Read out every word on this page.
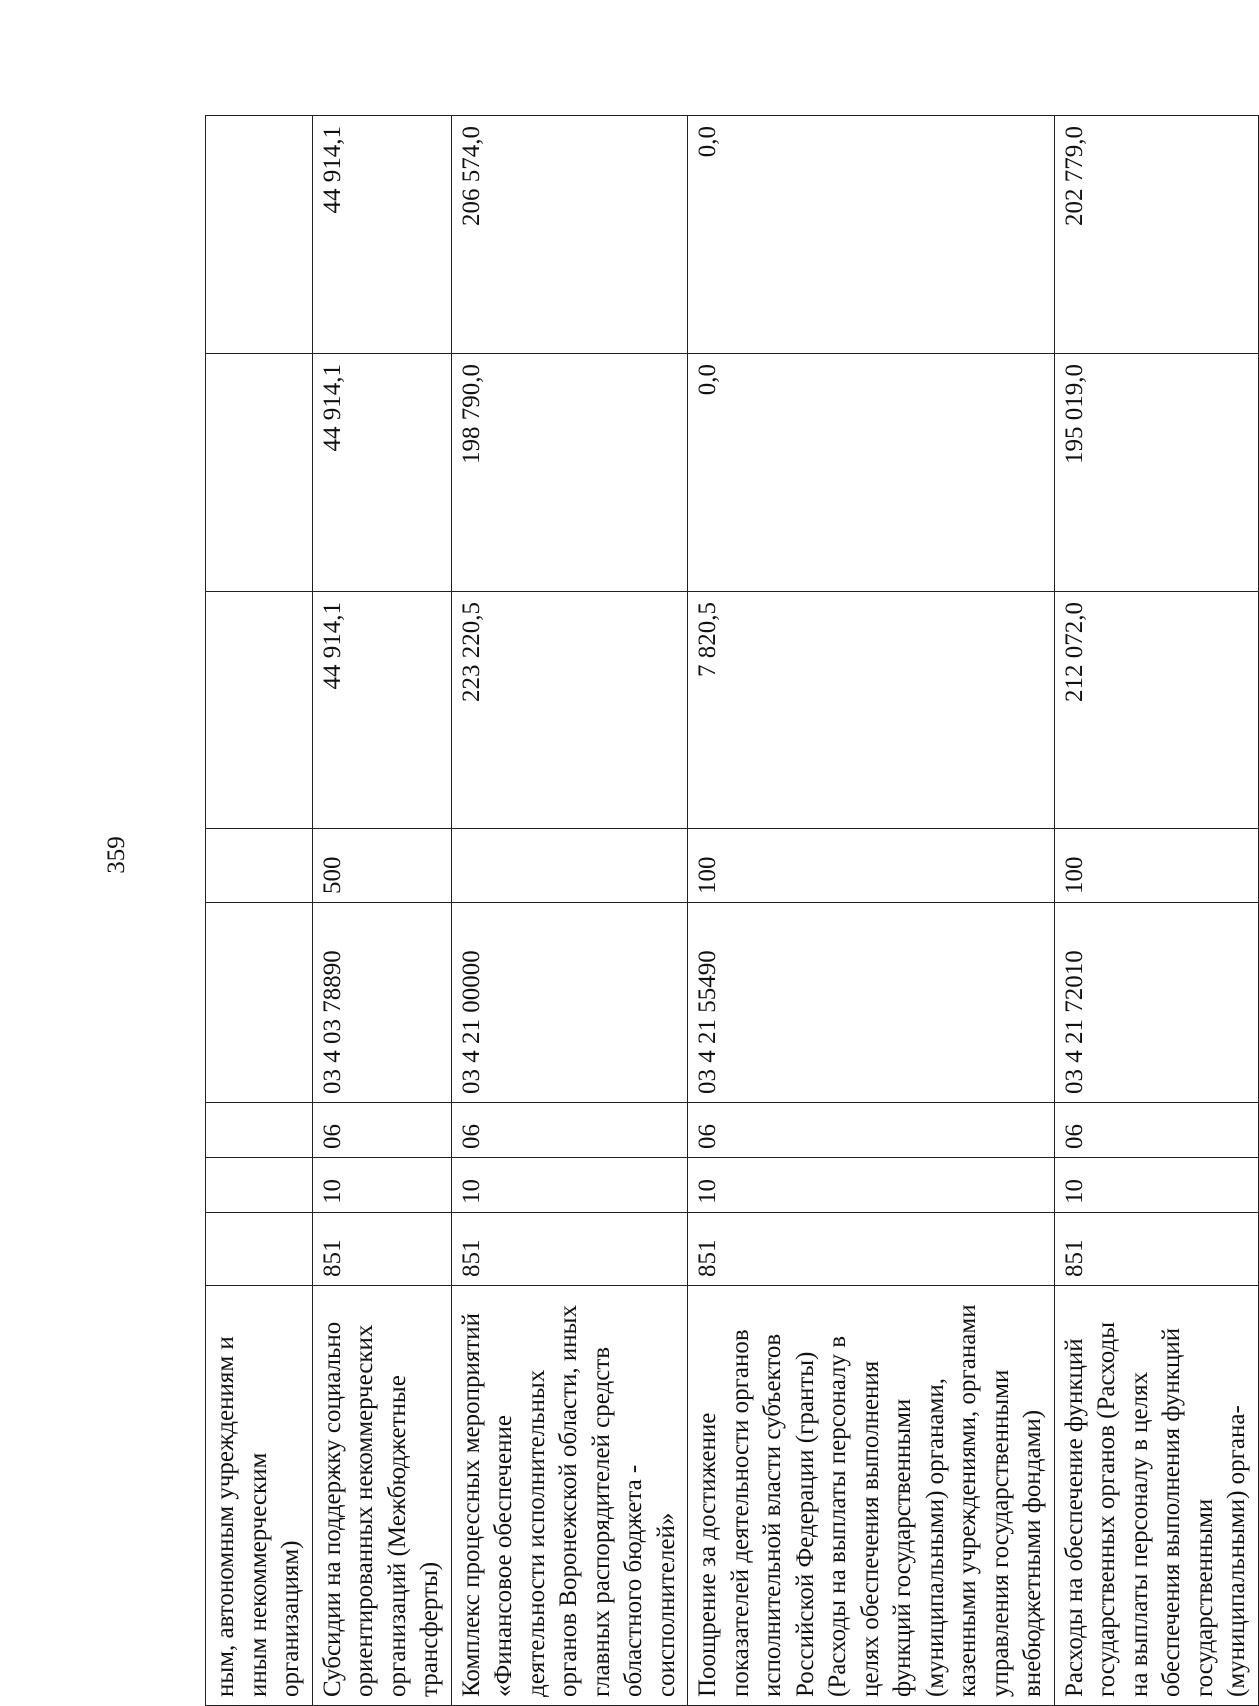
359
ным, автономным учреждениям и иным некоммерческим организациям)								
Субсидии на поддержку социально ориентированных некоммерческих организаций (Межбюджетные трансферты)	851	10	06	03 4 03 78890	500	44 914,1	44 914,1	44 914,1
Комплекс процессных мероприятий «Финансовое обеспечение деятельности исполнительных органов Воронежской области, иных главных распорядителей средств областного бюджета - соисполнителей»	851	10	06	03 4 21 00000		223 220,5	198 790,0	206 574,0
Поощрение за достижение показателей деятельности органов исполнительной власти субъектов Российской Федерации (гранты) (Расходы на выплаты персоналу в целях обеспечения выполнения функций государственными (муниципальными) органами, казенными учреждениями, органами управления государственными внебюджетными фондами)	851	10	06	03 4 21 55490	100	7 820,5	0,0	0,0
Расходы на обеспечение функций государственных органов (Расходы на выплаты персоналу в целях обеспечения выполнения функций государственными (муниципальными) органа-	851	10	06	03 4 21 72010	100	212 072,0	195 019,0	202 779,0
